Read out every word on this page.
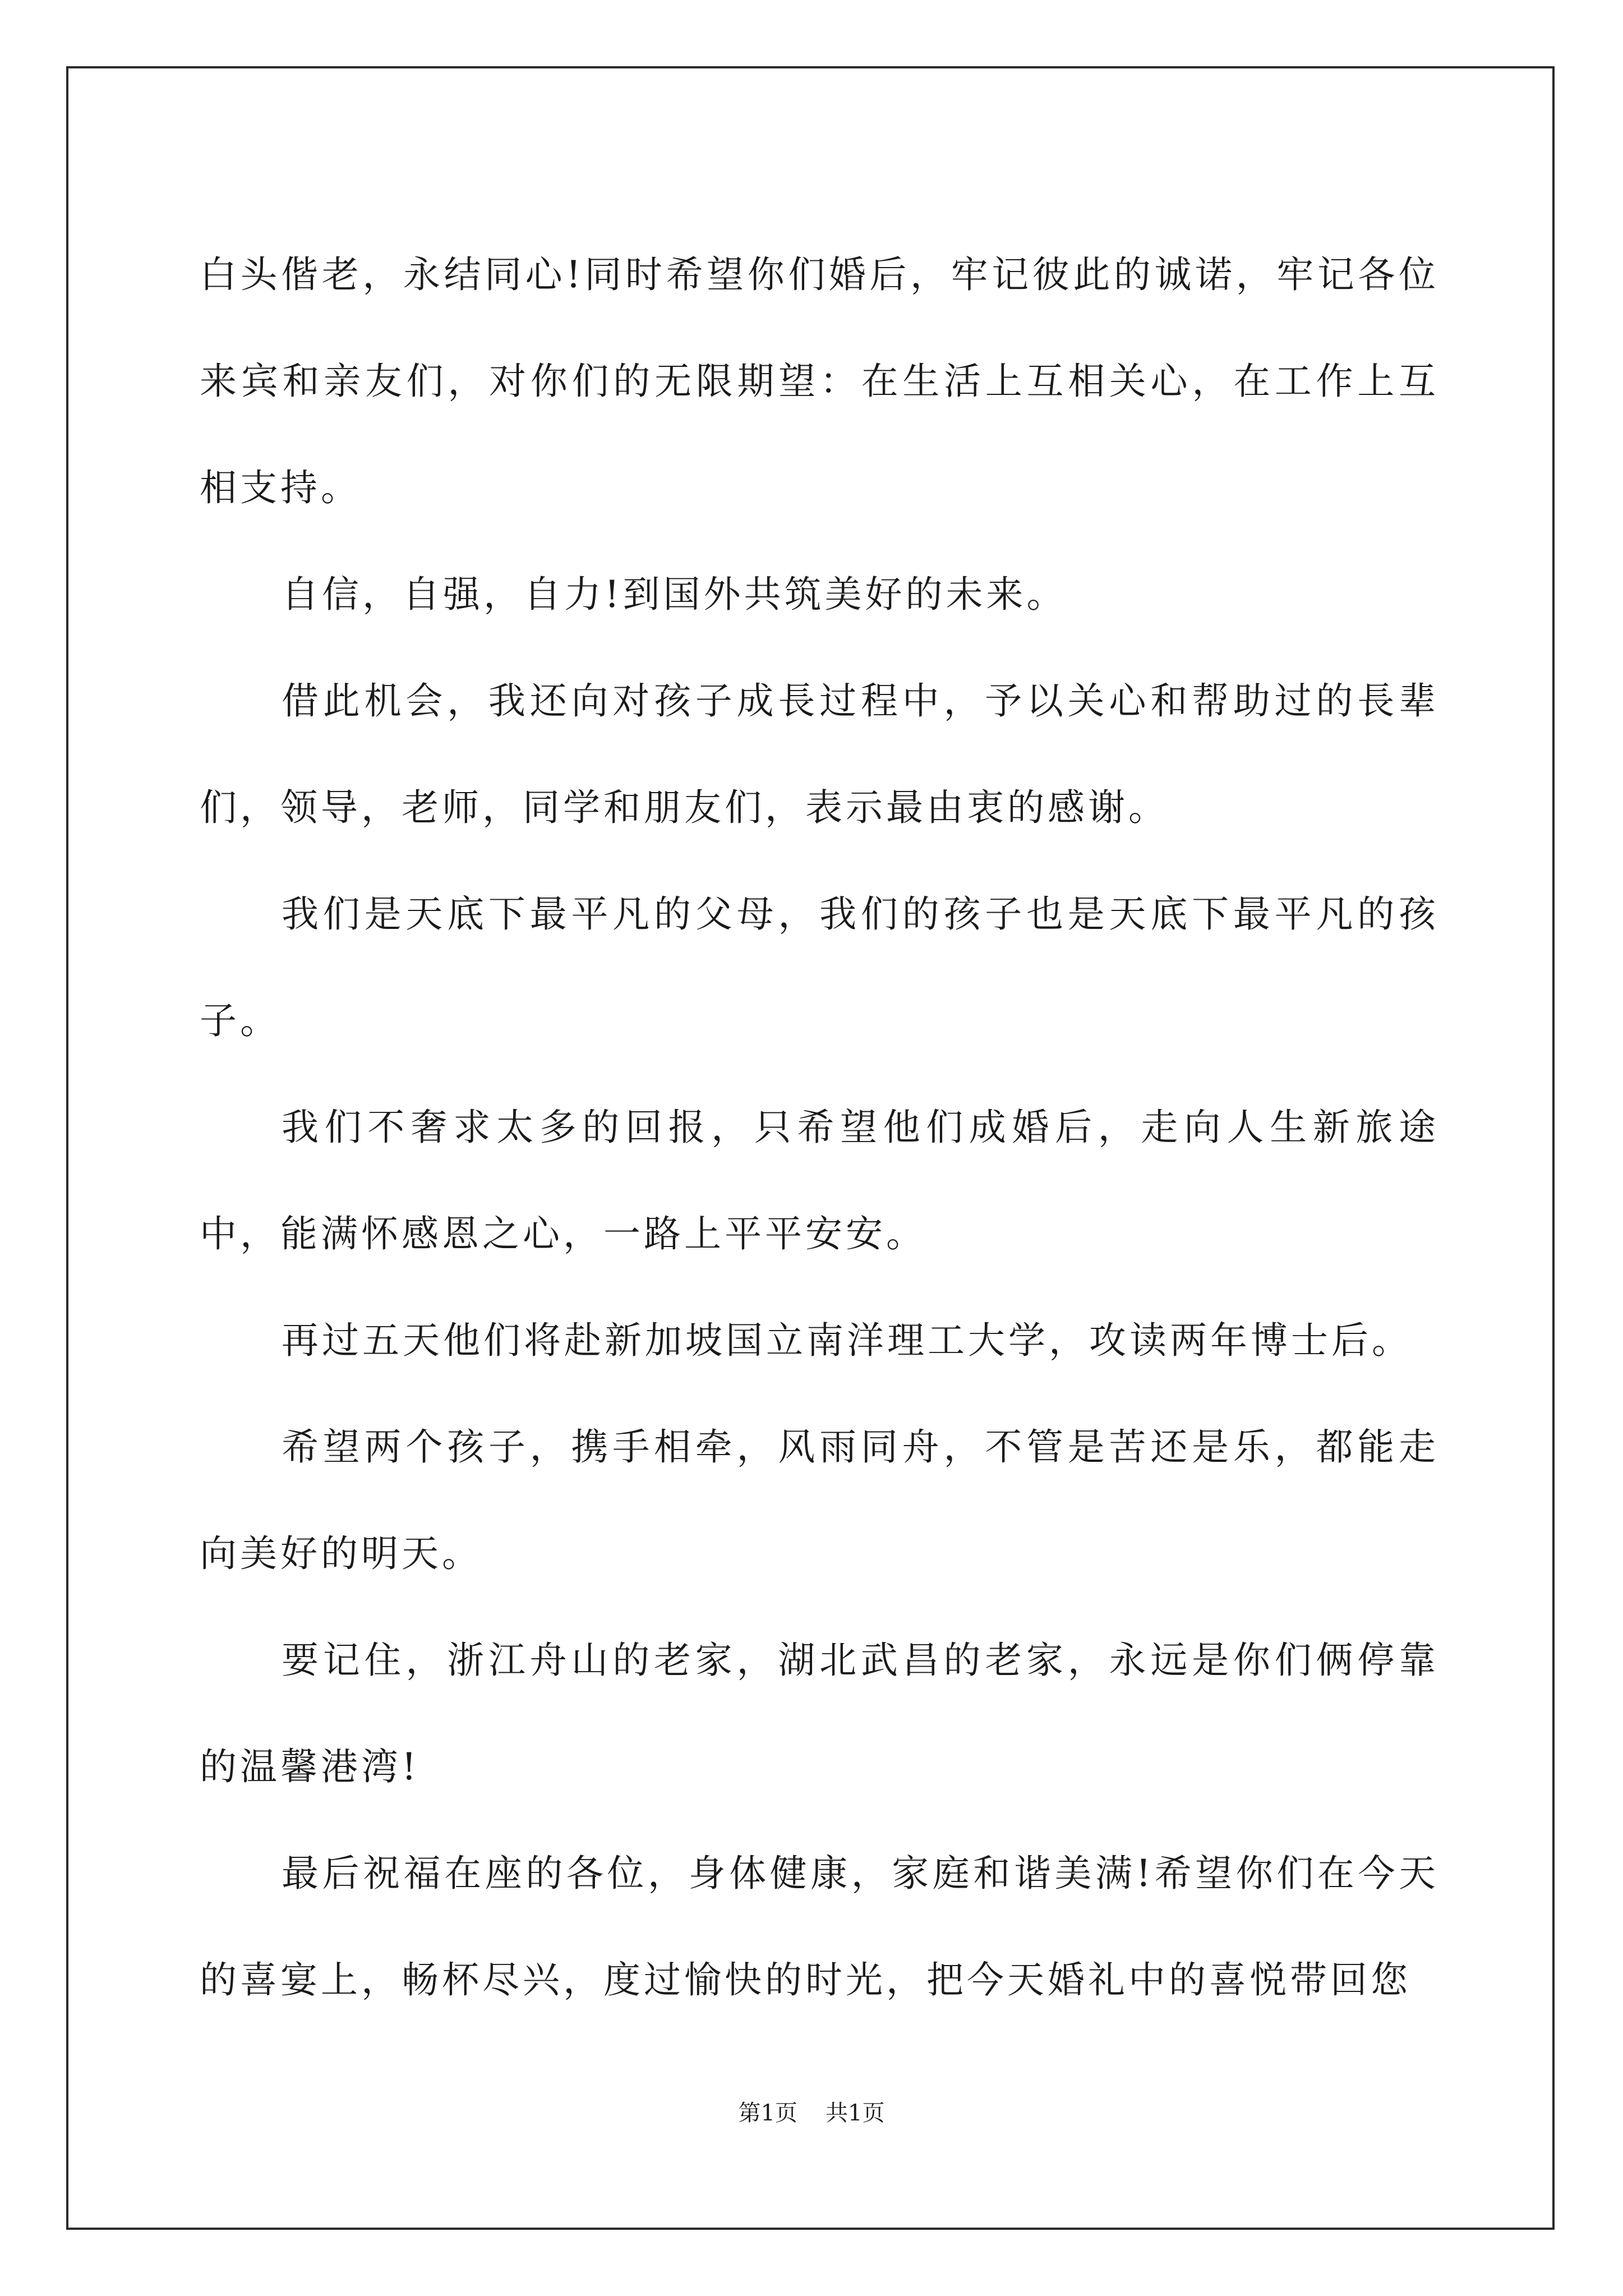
白头偕老，永结同心!同时希望你们婚后，牢记彼此的诚诺，牢记各位来宾和亲友们，对你们的无限期望：在生活上互相关心，在工作上互相支持。

自信，自强，自力!到国外共筑美好的未来。

借此机会，我还向对孩子成長过程中，予以关心和帮助过的長辈们，领导，老师，同学和朋友们，表示最由衷的感谢。

我们是天底下最平凡的父母，我们的孩子也是天底下最平凡的孩子。

我们不奢求太多的回报，只希望他们成婚后，走向人生新旅途中，能满怀感恩之心，一路上平平安安。

再过五天他们将赴新加坡国立南洋理工大学，攻读两年博士后。

希望两个孩子，携手相牵，风雨同舟，不管是苦还是乐，都能走向美好的明天。

要记住，浙江舟山的老家，湖北武昌的老家，永远是你们俩停靠的温馨港湾!

最后祝福在座的各位，身体健康，家庭和谐美满!希望你们在今天的喜宴上，畅杯尽兴，度过愉快的时光，把今天婚礼中的喜悦带回您

第1页 共1页
